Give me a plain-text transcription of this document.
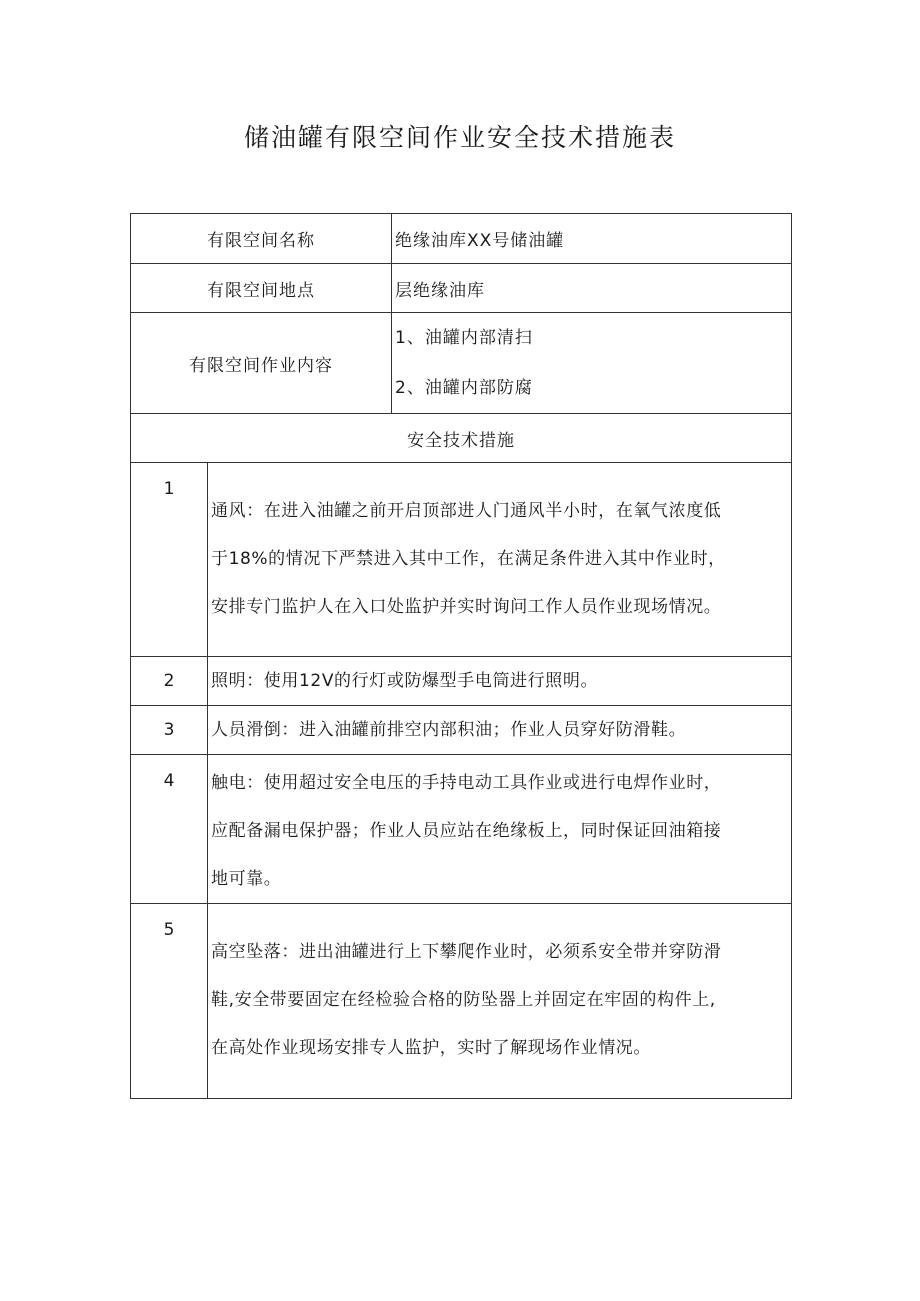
储油罐有限空间作业安全技术措施表
有限空间名称		绝缘油库XX号储油罐
有限空间地点		层绝缘油库
有限空间作业内容		1、油罐内部清扫
2、油罐内部防腐

安全技术措施		
1	通风：在进入油罐之前开启顶部进人门通风半小时，在氧气浓度低
于18%的情况下严禁进入其中工作，在满足条件进入其中作业时，
安排专门监护人在入口处监护并实时询问工作人员作业现场情况。	

2	照明：使用12V的行灯或防爆型手电筒进行照明。	

3	人员滑倒：进入油罐前排空内部积油；作业人员穿好防滑鞋。	

4	触电：使用超过安全电压的手持电动工具作业或进行电焊作业时，
应配备漏电保护器；作业人员应站在绝缘板上，同时保证回油箱接
地可靠。	

5	高空坠落：进出油罐进行上下攀爬作业时，必须系安全带并穿防滑
鞋,安全带要固定在经检验合格的防坠器上并固定在牢固的构件上,
在高处作业现场安排专人监护，实时了解现场作业情况。	
